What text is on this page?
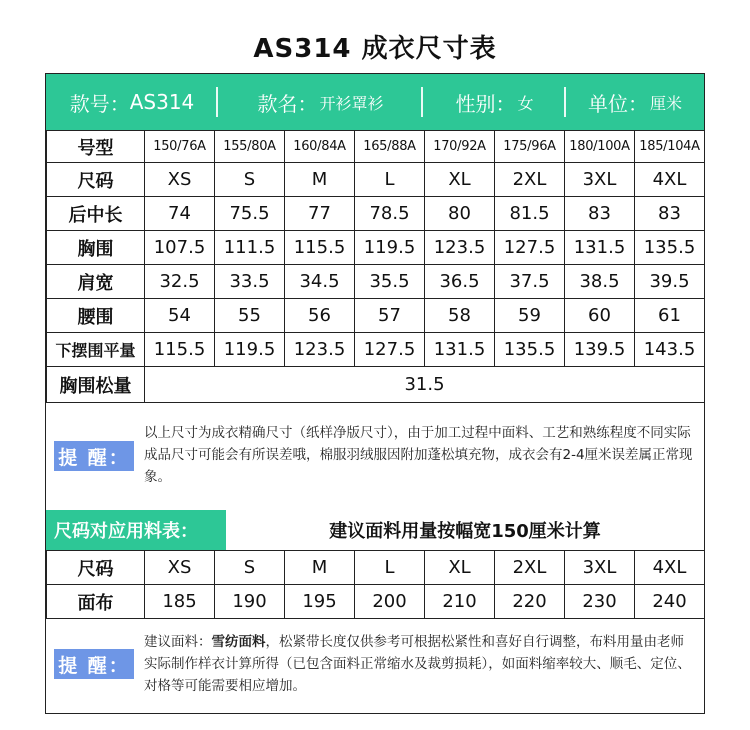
AS314 成衣尺寸表
款号： AS314	款名： 开衫罩衫	性别： 女	单位： 厘米
号型	150/76A	155/80A	160/84A	165/88A	170/92A	175/96A	180/100A	185/104A
尺码	XS	S	M	L	XL	2XL	3XL	4XL
后中长	74	75.5	77	78.5	80	81.5	83	83
胸围	107.5	111.5	115.5	119.5	123.5	127.5	131.5	135.5
肩宽	32.5	33.5	34.5	35.5	36.5	37.5	38.5	39.5
腰围	54	55	56	57	58	59	60	61
下摆围平量	115.5	119.5	123.5	127.5	131.5	135.5	139.5	143.5
胸围松量	31.5							
提 醒：
以上尺寸为成衣精确尺寸（纸样净版尺寸），由于加工过程中面料、工艺和熟练程度不同实际成品尺寸可能会有所误差哦，棉服羽绒服因附加蓬松填充物，成衣会有2-4厘米误差属正常现象。
尺码对应用料表：	建议面料用量按幅宽150厘米计算
尺码	XS	S	M	L	XL	2XL	3XL	4XL
面布	185	190	195	200	210	220	230	240
提 醒：
建议面料：雪纺面料，松紧带长度仅供参考可根据松紧性和喜好自行调整，布料用量由老师实际制作样衣计算所得（已包含面料正常缩水及裁剪损耗），如面料缩率较大、顺毛、定位、对格等可能需要相应增加。
